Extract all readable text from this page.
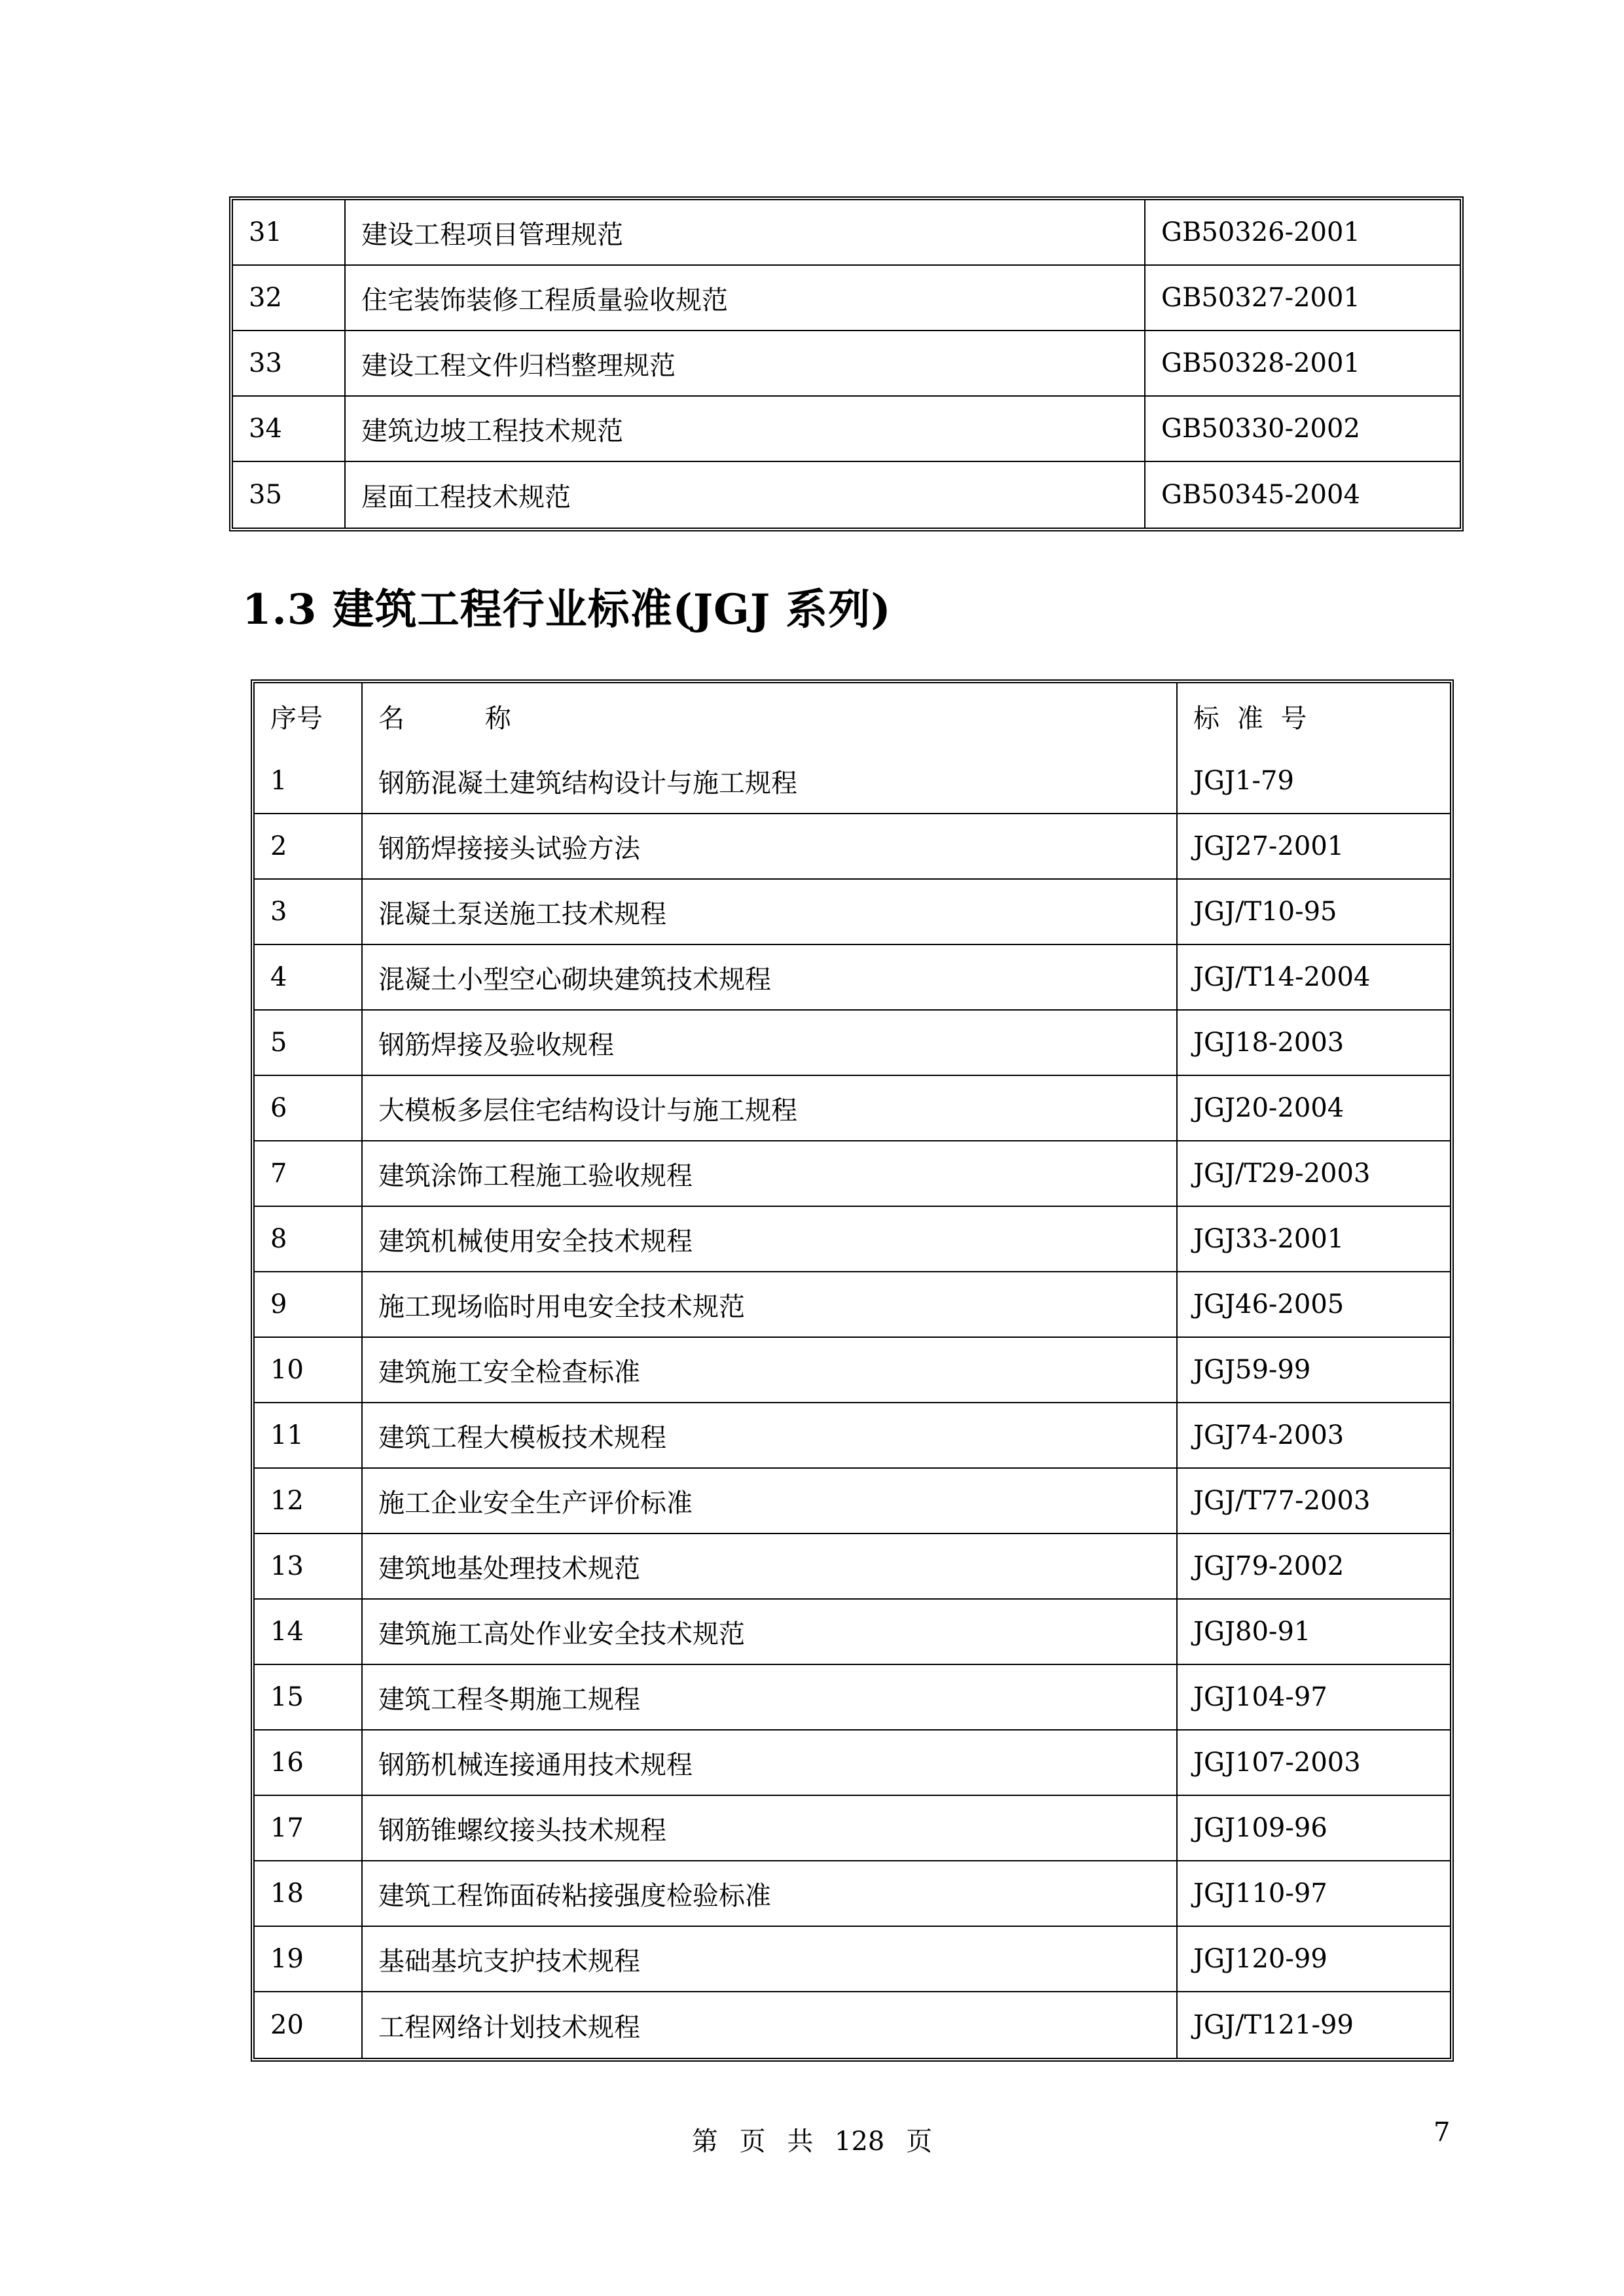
31	建设工程项目管理规范	GB50326-2001
32	住宅装饰装修工程质量验收规范	GB50327-2001
33	建设工程文件归档整理规范	GB50328-2001
34	建筑边坡工程技术规范	GB50330-2002
35	屋面工程技术规范	GB50345-2004
1.3 建筑工程行业标准(JGJ 系列)
序号	名 称	标 准 号
1	钢筋混凝土建筑结构设计与施工规程	JGJ1-79
2	钢筋焊接接头试验方法	JGJ27-2001
3	混凝土泵送施工技术规程	JGJ/T10-95
4	混凝土小型空心砌块建筑技术规程	JGJ/T14-2004
5	钢筋焊接及验收规程	JGJ18-2003
6	大模板多层住宅结构设计与施工规程	JGJ20-2004
7	建筑涂饰工程施工验收规程	JGJ/T29-2003
8	建筑机械使用安全技术规程	JGJ33-2001
9	施工现场临时用电安全技术规范	JGJ46-2005
10	建筑施工安全检查标准	JGJ59-99
11	建筑工程大模板技术规程	JGJ74-2003
12	施工企业安全生产评价标准	JGJ/T77-2003
13	建筑地基处理技术规范	JGJ79-2002
14	建筑施工高处作业安全技术规范	JGJ80-91
15	建筑工程冬期施工规程	JGJ104-97
16	钢筋机械连接通用技术规程	JGJ107-2003
17	钢筋锥螺纹接头技术规程	JGJ109-96
18	建筑工程饰面砖粘接强度检验标准	JGJ110-97
19	基础基坑支护技术规程	JGJ120-99
20	工程网络计划技术规程	JGJ/T121-99
第 页 共 128 页	7
